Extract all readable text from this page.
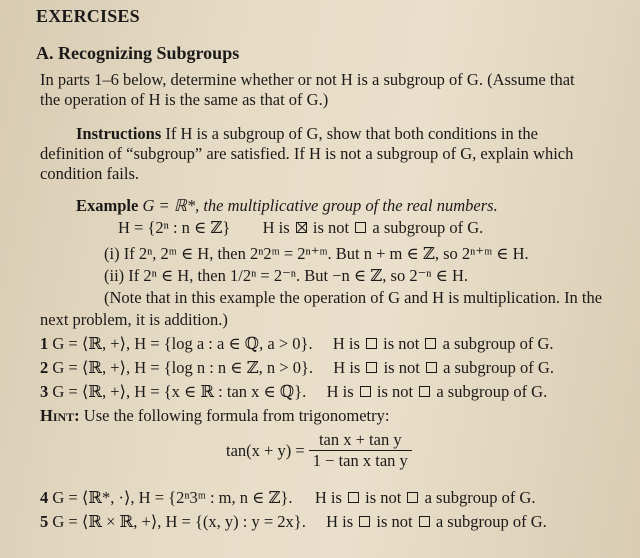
EXERCISES
A. Recognizing Subgroups
In parts 1–6 below, determine whether or not H is a subgroup of G. (Assume that
the operation of H is the same as that of G.)
Instructions If H is a subgroup of G, show that both conditions in the
definition of “subgroup” are satisfied. If H is not a subgroup of G, explain which
condition fails.
Example G = ℝ*, the multiplicative group of the real numbers.
H = {2ⁿ : n ∈ ℤ} H is is not a subgroup of G.
(i) If 2ⁿ, 2ᵐ ∈ H, then 2ⁿ2ᵐ = 2ⁿ⁺ᵐ. But n + m ∈ ℤ, so 2ⁿ⁺ᵐ ∈ H.
(ii) If 2ⁿ ∈ H, then 1/2ⁿ = 2⁻ⁿ. But −n ∈ ℤ, so 2⁻ⁿ ∈ H.
(Note that in this example the operation of G and H is multiplication. In the
next problem, it is addition.)
1 G = ⟨ℝ, +⟩, H = {log a : a ∈ ℚ, a > 0}. H is is not a subgroup of G.
2 G = ⟨ℝ, +⟩, H = {log n : n ∈ ℤ, n > 0}. H is is not a subgroup of G.
3 G = ⟨ℝ, +⟩, H = {x ∈ ℝ : tan x ∈ ℚ}. H is is not a subgroup of G.
Hint: Use the following formula from trigonometry:
$\tan(x + y) = \frac{\text{tan x + tan y}}{\text{1 − tan x tan y}}$
4 G = ⟨ℝ*, ·⟩, H = {2ⁿ3ᵐ : m, n ∈ ℤ}. H is is not a subgroup of G.
5 G = ⟨ℝ × ℝ, +⟩, H = {(x, y) : y = 2x}. H is is not a subgroup of G.
